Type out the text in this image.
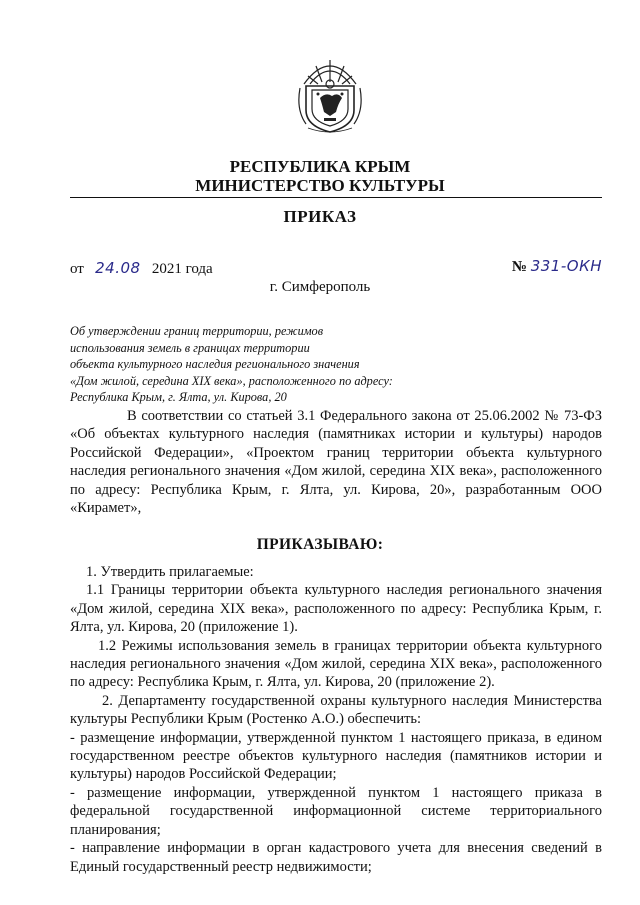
РЕСПУБЛИКА КРЫМ
МИНИСТЕРСТВО КУЛЬТУРЫ
ПРИКАЗ
от 24.08 2021 года	№ 331-ОКН
г. Симферополь
Об утверждении границ территории, режимов
использования земель в границах территории
объекта культурного наследия регионального значения
«Дом жилой, середина XIX века», расположенного по адресу:
Республика Крым, г. Ялта, ул. Кирова, 20
В соответствии со статьей 3.1 Федерального закона от 25.06.2002 № 73-ФЗ «Об объектах культурного наследия (памятниках истории и культуры) народов Российской Федерации», «Проектом границ территории объекта культурного наследия регионального значения «Дом жилой, середина XIX века», расположенного по адресу: Республика Крым, г. Ялта, ул. Кирова, 20», разработанным ООО «Кирамет»,
ПРИКАЗЫВАЮ:

1. Утвердить прилагаемые:

1.1 Границы территории объекта культурного наследия регионального значения «Дом жилой, середина XIX века», расположенного по адресу: Республика Крым, г. Ялта, ул. Кирова, 20 (приложение 1).

1.2 Режимы использования земель в границах территории объекта культурного наследия регионального значения «Дом жилой, середина XIX века», расположенного по адресу: Республика Крым, г. Ялта, ул. Кирова, 20 (приложение 2).

2. Департаменту государственной охраны культурного наследия Министерства культуры Республики Крым (Ростенко А.О.) обеспечить:

- размещение информации, утвержденной пунктом 1 настоящего приказа, в едином государственном реестре объектов культурного наследия (памятников истории и культуры) народов Российской Федерации;

- размещение информации, утвержденной пунктом 1 настоящего приказа в федеральной государственной информационной системе территориального планирования;

- направление информации в орган кадастрового учета для внесения сведений в Единый государственный реестр недвижимости;
